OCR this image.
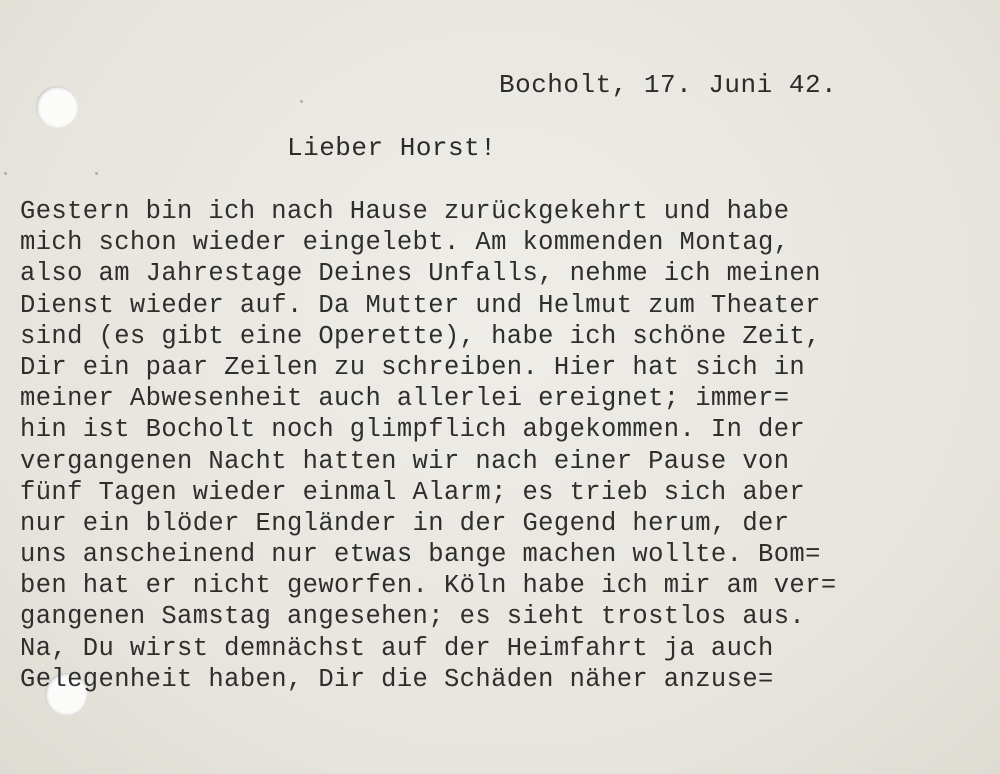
Bocholt, 17. Juni 42.
Lieber Horst!
Gestern bin ich nach Hause zurückgekehrt und habe
mich schon wieder eingelebt. Am kommenden Montag,
also am Jahrestage Deines Unfalls, nehme ich meinen
Dienst wieder auf. Da Mutter und Helmut zum Theater
sind (es gibt eine Operette), habe ich schöne Zeit,
Dir ein paar Zeilen zu schreiben. Hier hat sich in
meiner Abwesenheit auch allerlei ereignet; immer=
hin ist Bocholt noch glimpflich abgekommen. In der
vergangenen Nacht hatten wir nach einer Pause von
fünf Tagen wieder einmal Alarm; es trieb sich aber
nur ein blöder Engländer in der Gegend herum, der
uns anscheinend nur etwas bange machen wollte. Bom=
ben hat er nicht geworfen. Köln habe ich mir am ver=
gangenen Samstag angesehen; es sieht trostlos aus.
Na, Du wirst demnächst auf der Heimfahrt ja auch
Gelegenheit haben, Dir die Schäden näher anzuse=
